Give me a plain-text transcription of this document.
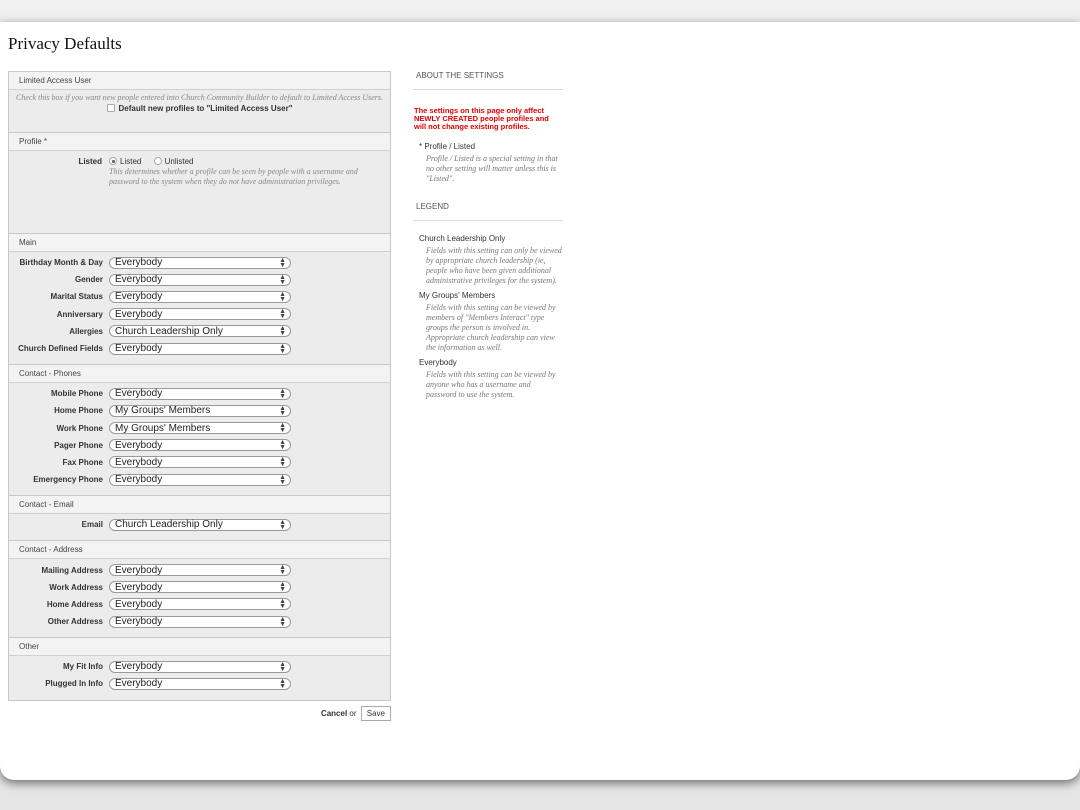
Privacy Defaults
Limited Access User
Check this box if you want new people entered into Church Community Builder to default to Limited Access Users.
Default new profiles to "Limited Access User"
Profile *
Listed	Listed	Unlisted
This determines whether a profile can be seen by people with a username and password to the system when they do not have administration privileges.
Main
Birthday Month & Day Everybody	▲
▼
Gender Everybody	▲
▼
Marital Status Everybody	▲
▼
Anniversary Everybody	▲
▼
Allergies Church Leadership Only	▲
▼
Church Defined Fields Everybody	▲
▼
Contact - Phones
Mobile Phone Everybody	▲
▼
Home Phone My Groups' Members	▲
▼
Work Phone My Groups' Members	▲
▼
Pager Phone Everybody	▲
▼
Fax Phone Everybody	▲
▼
Emergency Phone Everybody	▲
▼
Contact - Email
Email Church Leadership Only	▲
▼
Contact - Address
Mailing Address Everybody	▲
▼
Work Address Everybody	▲
▼
Home Address Everybody	▲
▼
Other Address Everybody	▲
▼
Other
My Fit Info Everybody	▲
▼
Plugged In Info Everybody	▲
▼
Cancel or Save
ABOUT THE SETTINGS
The settings on this page only affect NEWLY CREATED people profiles and will not change existing profiles.
* Profile / Listed
Profile / Listed is a special setting in that no other setting will matter unless this is "Listed".
LEGEND
Church Leadership Only
Fields with this setting can only be viewed by appropriate church leadership (ie, people who have been given additional administrative privileges for the system).
My Groups' Members
Fields with this setting can be viewed by members of "Members Interact" type groups the person is involved in. Appropriate church leadership can view the information as well.
Everybody
Fields with this setting can be viewed by anyone who has a username and password to use the system.
